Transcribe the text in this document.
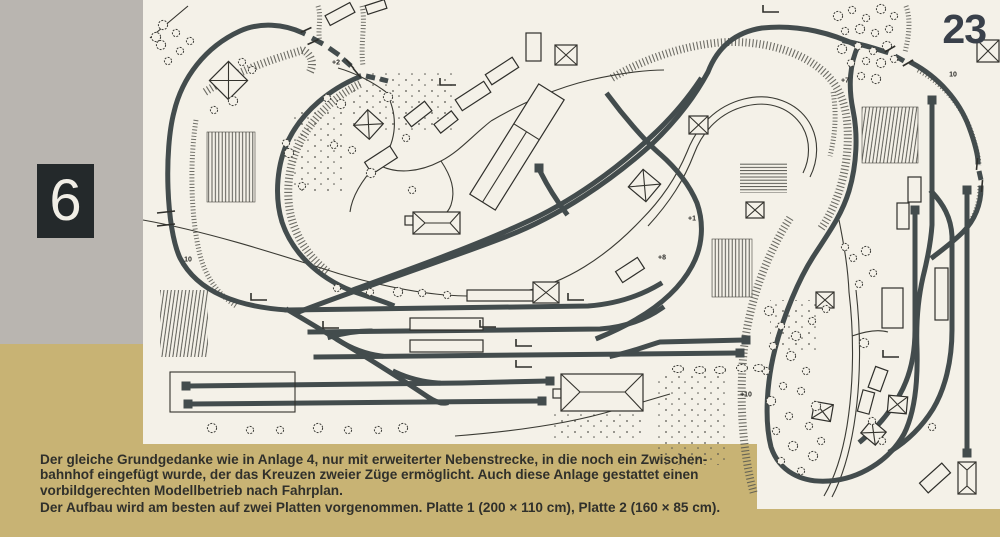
6
+2
10
10
+7
+1
+10
+8
23
Der gleiche Grundgedanke wie in Anlage 4, nur mit erweiterter Nebenstrecke, in die noch ein Zwischen-
bahnhof eingefügt wurde, der das Kreuzen zweier Züge ermöglicht. Auch diese Anlage gestattet einen
vorbildgerechten Modellbetrieb nach Fahrplan.
Der Aufbau wird am besten auf zwei Platten vorgenommen. Platte 1 (200 × 110 cm), Platte 2 (160 × 85 cm).
